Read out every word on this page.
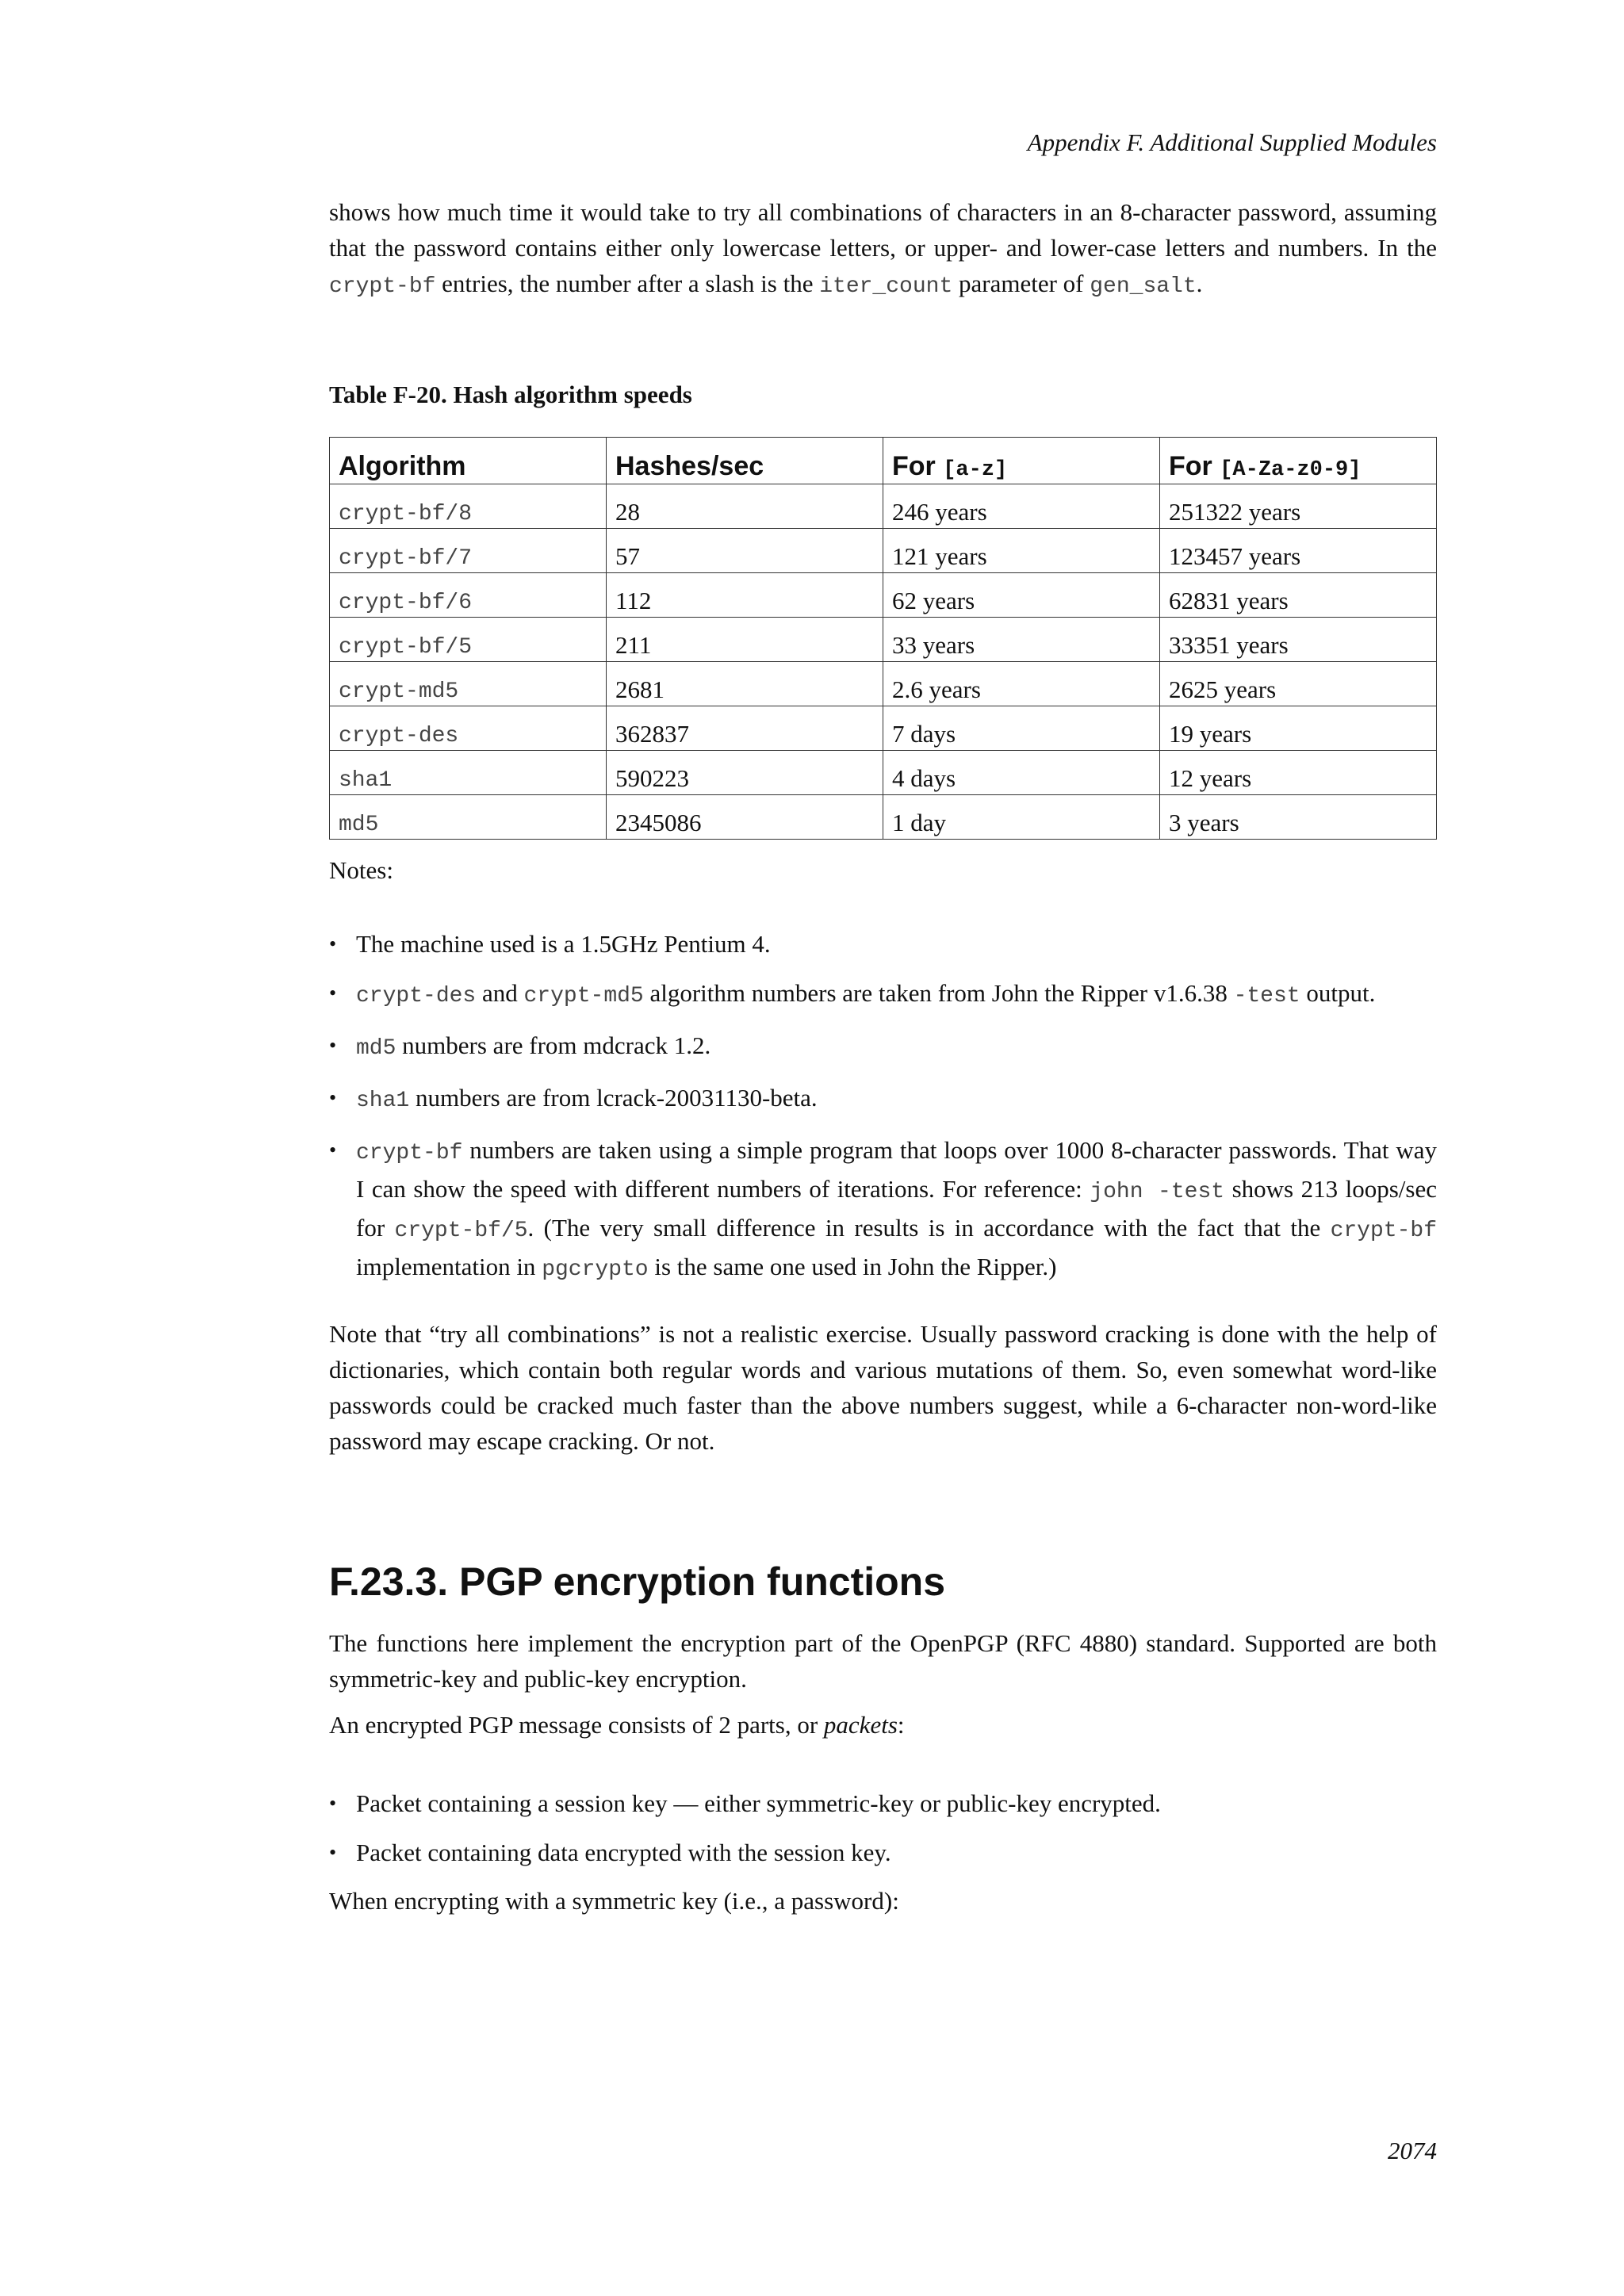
Appendix F. Additional Supplied Modules

shows how much time it would take to try all combinations of characters in an 8-character password, assuming that the password contains either only lowercase letters, or upper- and lower-case letters and numbers. In the crypt-bf entries, the number after a slash is the iter_count parameter of gen_salt.

Table F-20. Hash algorithm speeds
Algorithm	Hashes/sec	For [a-z]	For [A-Za-z0-9]
crypt-bf/8	28	246 years	251322 years
crypt-bf/7	57	121 years	123457 years
crypt-bf/6	112	62 years	62831 years
crypt-bf/5	211	33 years	33351 years
crypt-md5	2681	2.6 years	2625 years
crypt-des	362837	7 days	19 years
sha1	590223	4 days	12 years
md5	2345086	1 day	3 years

Notes:

• The machine used is a 1.5GHz Pentium 4.
• crypt-des and crypt-md5 algorithm numbers are taken from John the Ripper v1.6.38 -test output.
• md5 numbers are from mdcrack 1.2.
• sha1 numbers are from lcrack-20031130-beta.
• crypt-bf numbers are taken using a simple program that loops over 1000 8-character passwords. That way I can show the speed with different numbers of iterations. For reference: john -test shows 213 loops/sec for crypt-bf/5. (The very small difference in results is in accordance with the fact that the crypt-bf implementation in pgcrypto is the same one used in John the Ripper.)

Note that “try all combinations” is not a realistic exercise. Usually password cracking is done with the help of dictionaries, which contain both regular words and various mutations of them. So, even somewhat word-like passwords could be cracked much faster than the above numbers suggest, while a 6-character non-word-like password may escape cracking. Or not.

F.23.3. PGP encryption functions

The functions here implement the encryption part of the OpenPGP (RFC 4880) standard. Supported are both symmetric-key and public-key encryption.

An encrypted PGP message consists of 2 parts, or packets:

• Packet containing a session key — either symmetric-key or public-key encrypted.
• Packet containing data encrypted with the session key.

When encrypting with a symmetric key (i.e., a password):

2074
